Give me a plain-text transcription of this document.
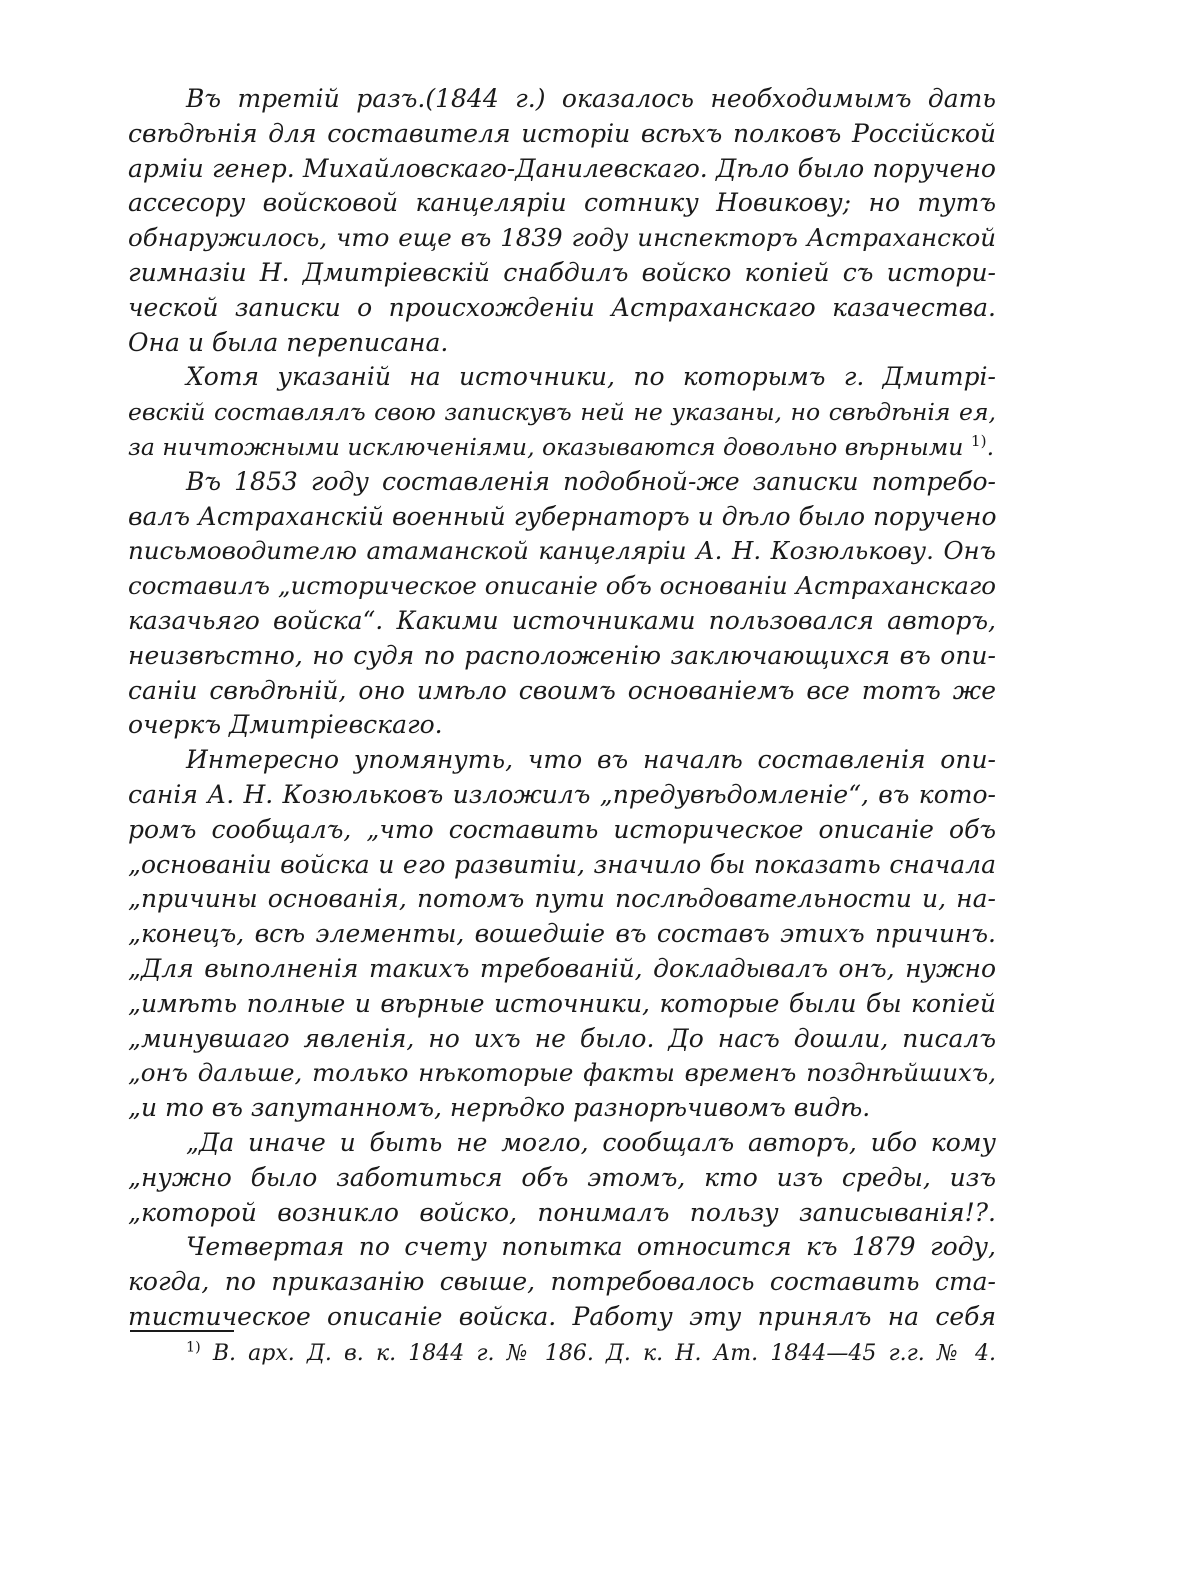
Въ третій разъ.(1844 г.) оказалось необходимымъ дать
свѣдѣнія для составителя исторіи всѣхъ полковъ Россійской
арміи генер. Михайловскаго-Данилевскаго. Дѣло было поручено
ассесору войсковой канцеляріи сотнику Новикову; но тутъ
обнаружилось, что еще въ 1839 году инспекторъ Астраханской
гимназіи Н. Дмитріевскій снабдилъ войско копіей съ истори-
ческой записки о происхожденіи Астраханскаго казачества.
Она и была переписана.
Хотя указаній на источники, по которымъ г. Дмитрі-
евскій составлялъ свою запискувъ ней не указаны, но свѣдѣнія ея,
за ничтожными исключеніями, оказываются довольно вѣрными $^{1)}$.
Въ 1853 году составленія подобной-же записки потребо-
валъ Астраханскій военный губернаторъ и дѣло было поручено
письмоводителю атаманской канцеляріи А. Н. Козюлькову. Онъ
составилъ „историческое описаніе объ основаніи Астраханскаго
казачьяго войска“. Какими источниками пользовался авторъ,
неизвѣстно, но судя по расположенію заключающихся въ опи-
саніи свѣдѣній, оно имѣло своимъ основаніемъ все тотъ же
очеркъ Дмитріевскаго.
Интересно упомянуть, что въ началѣ составленія опи-
санія А. Н. Козюльковъ изложилъ „предувѣдомленіе“, въ кото-
ромъ сообщалъ, „что составить историческое описаніе объ
„основаніи войска и его развитіи, значило бы показать сначала
„причины основанія, потомъ пути послѣдовательности и, на-
„конецъ, всѣ элементы, вошедшіе въ составъ этихъ причинъ.
„Для выполненія такихъ требованій, докладывалъ онъ, нужно
„имѣть полные и вѣрные источники, которые были бы копіей
„минувшаго явленія, но ихъ не было. До насъ дошли, писалъ
„онъ дальше, только нѣкоторые факты временъ позднѣйшихъ,
„и то въ запутанномъ, нерѣдко разнорѣчивомъ видѣ.
„Да иначе и быть не могло, сообщалъ авторъ, ибо кому
„нужно было заботиться объ этомъ, кто изъ среды, изъ
„которой возникло войско, понималъ пользу записыванія!?.
Четвертая по счету попытка относится къ 1879 году,
когда, по приказанію свыше, потребовалось составить ста-
тистическое описаніе войска. Работу эту принялъ на себя
$^{1)}$ В. арх. Д. в. к. 1844 г. № 186. Д. к. Н. Ат. 1844—45 г.г. № 4.
